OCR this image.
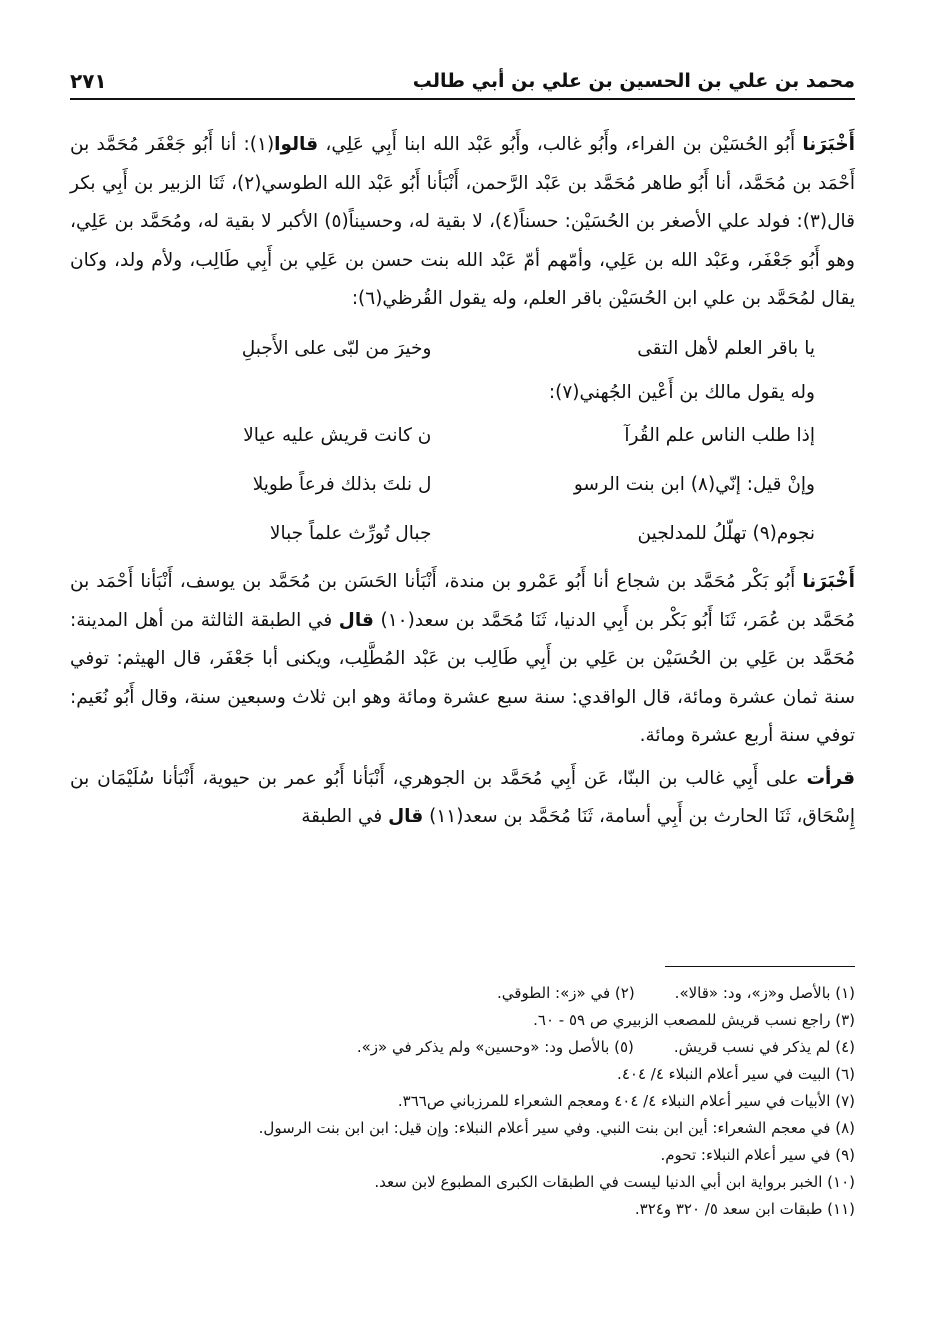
محمد بن علي بن الحسين بن علي بن أبي طالب
٢٧١

أَخْبَرَنا أَبُو الحُسَيْن بن الفراء، وأَبُو غالب، وأَبُو عَبْد الله ابنا أَبِي عَلِي، قالوا(١): أنا أَبُو جَعْفَر مُحَمَّد بن أَحْمَد بن مُحَمَّد، أنا أَبُو طاهر مُحَمَّد بن عَبْد الرَّحمن، أَنْبَأنا أَبُو عَبْد الله الطوسي(٢)، ثَنَا الزبير بن أَبِي بكر قال(٣): فولد علي الأصغر بن الحُسَيْن: حسناً(٤)، لا بقية له، وحسيناً(٥) الأكبر لا بقية له، ومُحَمَّد بن عَلِي، وهو أَبُو جَعْفَر، وعَبْد الله بن عَلِي، وأمّهم أمّ عَبْد الله بنت حسن بن عَلِي بن أَبِي طَالِب، ولأم ولد، وكان يقال لمُحَمَّد بن علي ابن الحُسَيْن باقر العلم، وله يقول القُرظي(٦):

يا باقر العلم لأهل التقى
وخيرَ من لبّى على الأَجبلِ

وله يقول مالك بن أَعْين الجُهني(٧):

إذا طلب الناس علم القُرآ
ن كانت قريش عليه عيالا
وإنْ قيل: إنّي(٨) ابن بنت الرسو
ل نلتَ بذلك فرعاً طويلا
نجوم(٩) تهلّلُ للمدلجين
جبال تُورِّث علماً جبالا

أَخْبَرَنا أَبُو بَكْر مُحَمَّد بن شجاع أنا أَبُو عَمْرو بن مندة، أَنْبَأنا الحَسَن بن مُحَمَّد بن يوسف، أَنْبَأنا أَحْمَد بن مُحَمَّد بن عُمَر، ثَنَا أَبُو بَكْر بن أَبِي الدنيا، ثَنَا مُحَمَّد بن سعد(١٠) قال في الطبقة الثالثة من أهل المدينة: مُحَمَّد بن عَلِي بن الحُسَيْن بن عَلِي بن أَبِي طَالِب بن عَبْد المُطَّلِب، ويكنى أبا جَعْفَر، قال الهيثم: توفي سنة ثمان عشرة ومائة، قال الواقدي: سنة سبع عشرة ومائة وهو ابن ثلاث وسبعين سنة، وقال أَبُو نُعَيم: توفي سنة أربع عشرة ومائة.

قرأت على أَبِي غالب بن البنّا، عَن أَبِي مُحَمَّد بن الجوهري، أَنْبَأنا أَبُو عمر بن حيوية، أَنْبَأنا سُلَيْمَان بن إِسْحَاق، ثَنَا الحارث بن أَبِي أسامة، ثَنَا مُحَمَّد بن سعد(١١) قال في الطبقة

(١) بالأصل و«ز»، ود: «قالا».
(٢) في «ز»: الطوقي.
(٣) راجع نسب قريش للمصعب الزبيري ص ٥٩ - ٦٠.
(٤) لم يذكر في نسب قريش.
(٥) بالأصل ود: «وحسين» ولم يذكر في «ز».
(٦) البيت في سير أعلام النبلاء ٤/ ٤٠٤.
(٧) الأبيات في سير أعلام النبلاء ٤/ ٤٠٤ ومعجم الشعراء للمرزباني ص٣٦٦.
(٨) في معجم الشعراء: أين ابن بنت النبي. وفي سير أعلام النبلاء: وإن قيل: ابن ابن بنت الرسول.
(٩) في سير أعلام النبلاء: تحوم.
(١٠) الخبر برواية ابن أبي الدنيا ليست في الطبقات الكبرى المطبوع لابن سعد.
(١١) طبقات ابن سعد ٥/ ٣٢٠ و٣٢٤.
